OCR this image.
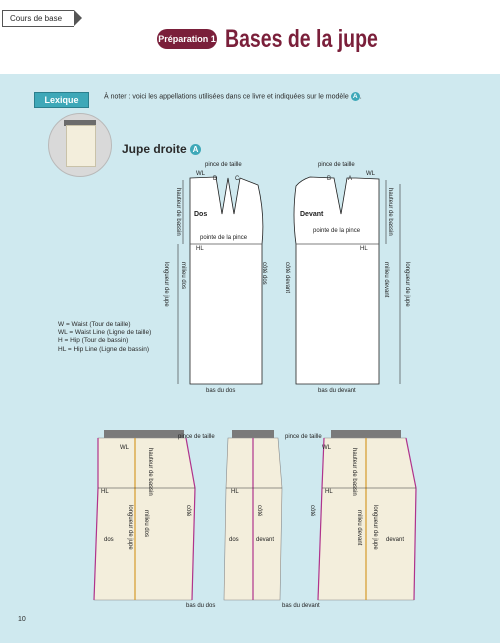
Cours de base
Préparation 1 Bases de la jupe
Lexique	À noter : voici les appellations utilisées dans ce livre et indiquées sur le modèle A .
Jupe droite A
W = Waist (Tour de taille)
WL = Waist Line (Ligne de taille)
H = Hip (Tour de bassin)
HL = Hip Line (Ligne de bassin)
pince de taille	pince de taille
WL
D	C	B	A
WL
Dos	Devant
pointe de la pince
pointe de la pince
HL	HL
hauteur de bassin	hauteur de bassin
longueur de jupe	longueur de jupe
milieu dos	côté dos	côté devant	milieu devant
bas du dos	bas du devant
pince de taille	pince de taille
WL	WL
HL	HL	HL
hauteur de bassin	hauteur de bassin
longueur de jupe	longueur de jupe
milieu dos	milieu devant
côté	côté	côté
dos	dos	devant	devant
bas du dos	bas du devant
10
